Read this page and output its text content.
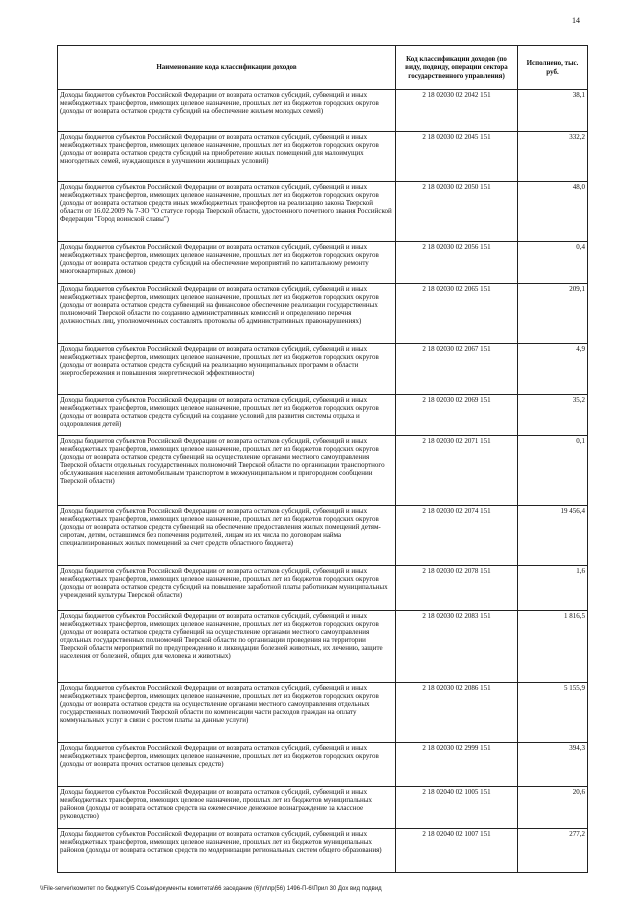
14
Наименование кода классификации доходов	Код классификации доходов (по виду, подвиду, операции сектора государственного управления)	Исполнено, тыс. руб.
Доходы бюджетов субъектов Российской Федерации от возврата остатков субсидий, субвенций и иных межбюджетных трансфертов, имеющих целевое назначение, прошлых лет из бюджетов городских округов (доходы от возврата остатков средств субсидий на обеспечение жильем молодых семей)	2 18 02030 02 2042 151	38,1
Доходы бюджетов субъектов Российской Федерации от возврата остатков субсидий, субвенций и иных межбюджетных трансфертов, имеющих целевое назначение, прошлых лет из бюджетов городских округов (доходы от возврата остатков средств субсидий на приобретение жилых помещений для малоимущих многодетных семей, нуждающихся в улучшении жилищных условий)	2 18 02030 02 2045 151	332,2
Доходы бюджетов субъектов Российской Федерации от возврата остатков субсидий, субвенций и иных межбюджетных трансфертов, имеющих целевое назначение, прошлых лет из бюджетов городских округов (доходы от возврата остатков средств иных межбюджетных трансфертов на реализацию закона Тверской области от 16.02.2009 № 7-ЗО "О статусе города Тверской области, удостоенного почетного звания Российской Федерации "Город воинской славы")	2 18 02030 02 2050 151	48,0
Доходы бюджетов субъектов Российской Федерации от возврата остатков субсидий, субвенций и иных межбюджетных трансфертов, имеющих целевое назначение, прошлых лет из бюджетов городских округов (доходы от возврата остатков средств субсидий на обеспечение мероприятий по капитальному ремонту многоквартирных домов)	2 18 02030 02 2056 151	0,4
Доходы бюджетов субъектов Российской Федерации от возврата остатков субсидий, субвенций и иных межбюджетных трансфертов, имеющих целевое назначение, прошлых лет из бюджетов городских округов (доходы от возврата остатков средств субвенций на финансовое обеспечение реализации государственных полномочий Тверской области по созданию административных комиссий и определению перечня должностных лиц, уполномоченных составлять протоколы об административных правонарушениях)	2 18 02030 02 2065 151	209,1
Доходы бюджетов субъектов Российской Федерации от возврата остатков субсидий, субвенций и иных межбюджетных трансфертов, имеющих целевое назначение, прошлых лет из бюджетов городских округов (доходы от возврата остатков средств субсидий на реализацию муниципальных программ в области энергосбережения и повышения энергетической эффективности)	2 18 02030 02 2067 151	4,9
Доходы бюджетов субъектов Российской Федерации от возврата остатков субсидий, субвенций и иных межбюджетных трансфертов, имеющих целевое назначение, прошлых лет из бюджетов городских округов (доходы от возврата остатков средств субсидий на создание условий для развития системы отдыха и оздоровления детей)	2 18 02030 02 2069 151	35,2
Доходы бюджетов субъектов Российской Федерации от возврата остатков субсидий, субвенций и иных межбюджетных трансфертов, имеющих целевое назначение, прошлых лет из бюджетов городских округов (доходы от возврата остатков средств субвенций на осуществление органами местного самоуправления Тверской области отдельных государственных полномочий Тверской области по организации транспортного обслуживания населения автомобильным транспортом в межмуниципальном и пригородном сообщении Тверской области)	2 18 02030 02 2071 151	0,1
Доходы бюджетов субъектов Российской Федерации от возврата остатков субсидий, субвенций и иных межбюджетных трансфертов, имеющих целевое назначение, прошлых лет из бюджетов городских округов (доходы от возврата остатков средств субвенций на обеспечение предоставления жилых помещений детям-сиротам, детям, оставшимся без попечения родителей, лицам из их числа по договорам найма специализированных жилых помещений за счет средств областного бюджета)	2 18 02030 02 2074 151	19 456,4
Доходы бюджетов субъектов Российской Федерации от возврата остатков субсидий, субвенций и иных межбюджетных трансфертов, имеющих целевое назначение, прошлых лет из бюджетов городских округов (доходы от возврата остатков средств субсидий на повышение заработной платы работникам муниципальных учреждений культуры Тверской области)	2 18 02030 02 2078 151	1,6
Доходы бюджетов субъектов Российской Федерации от возврата остатков субсидий, субвенций и иных межбюджетных трансфертов, имеющих целевое назначение, прошлых лет из бюджетов городских округов (доходы от возврата остатков средств субвенций на осуществление органами местного самоуправления отдельных государственных полномочий Тверской области по организации проведения на территории Тверской области мероприятий по предупреждению и ликвидации болезней животных, их лечению, защите населения от болезней, общих для человека и животных)	2 18 02030 02 2083 151	1 816,5
Доходы бюджетов субъектов Российской Федерации от возврата остатков субсидий, субвенций и иных межбюджетных трансфертов, имеющих целевое назначение, прошлых лет из бюджетов городских округов (доходы от возврата остатков средств на осуществление органами местного самоуправления отдельных государственных полномочий Тверской области по компенсации части расходов граждан на оплату коммунальных услуг в связи с ростом платы за данные услуги)	2 18 02030 02 2086 151	5 155,9
Доходы бюджетов субъектов Российской Федерации от возврата остатков субсидий, субвенций и иных межбюджетных трансфертов, имеющих целевое назначение, прошлых лет из бюджетов городских округов (доходы от возврата прочих остатков целевых средств)	2 18 02030 02 2999 151	394,3
Доходы бюджетов субъектов Российской Федерации от возврата остатков субсидий, субвенций и иных межбюджетных трансфертов, имеющих целевое назначение, прошлых лет из бюджетов муниципальных районов (доходы от возврата остатков средств на ежемесячное денежное вознаграждение за классное руководство)	2 18 02040 02 1005 151	20,6
Доходы бюджетов субъектов Российской Федерации от возврата остатков субсидий, субвенций и иных межбюджетных трансфертов, имеющих целевое назначение, прошлых лет из бюджетов муниципальных районов (доходы от возврата остатков средств по модернизации региональных систем общего образования)	2 18 02040 02 1007 151	277,2
\\File-server\комитет по бюджету\5 Созыв\документы комитета\66 заседание (6)\п\пр(56) 1496-П-6\Прил 30 Дох вид подвид
